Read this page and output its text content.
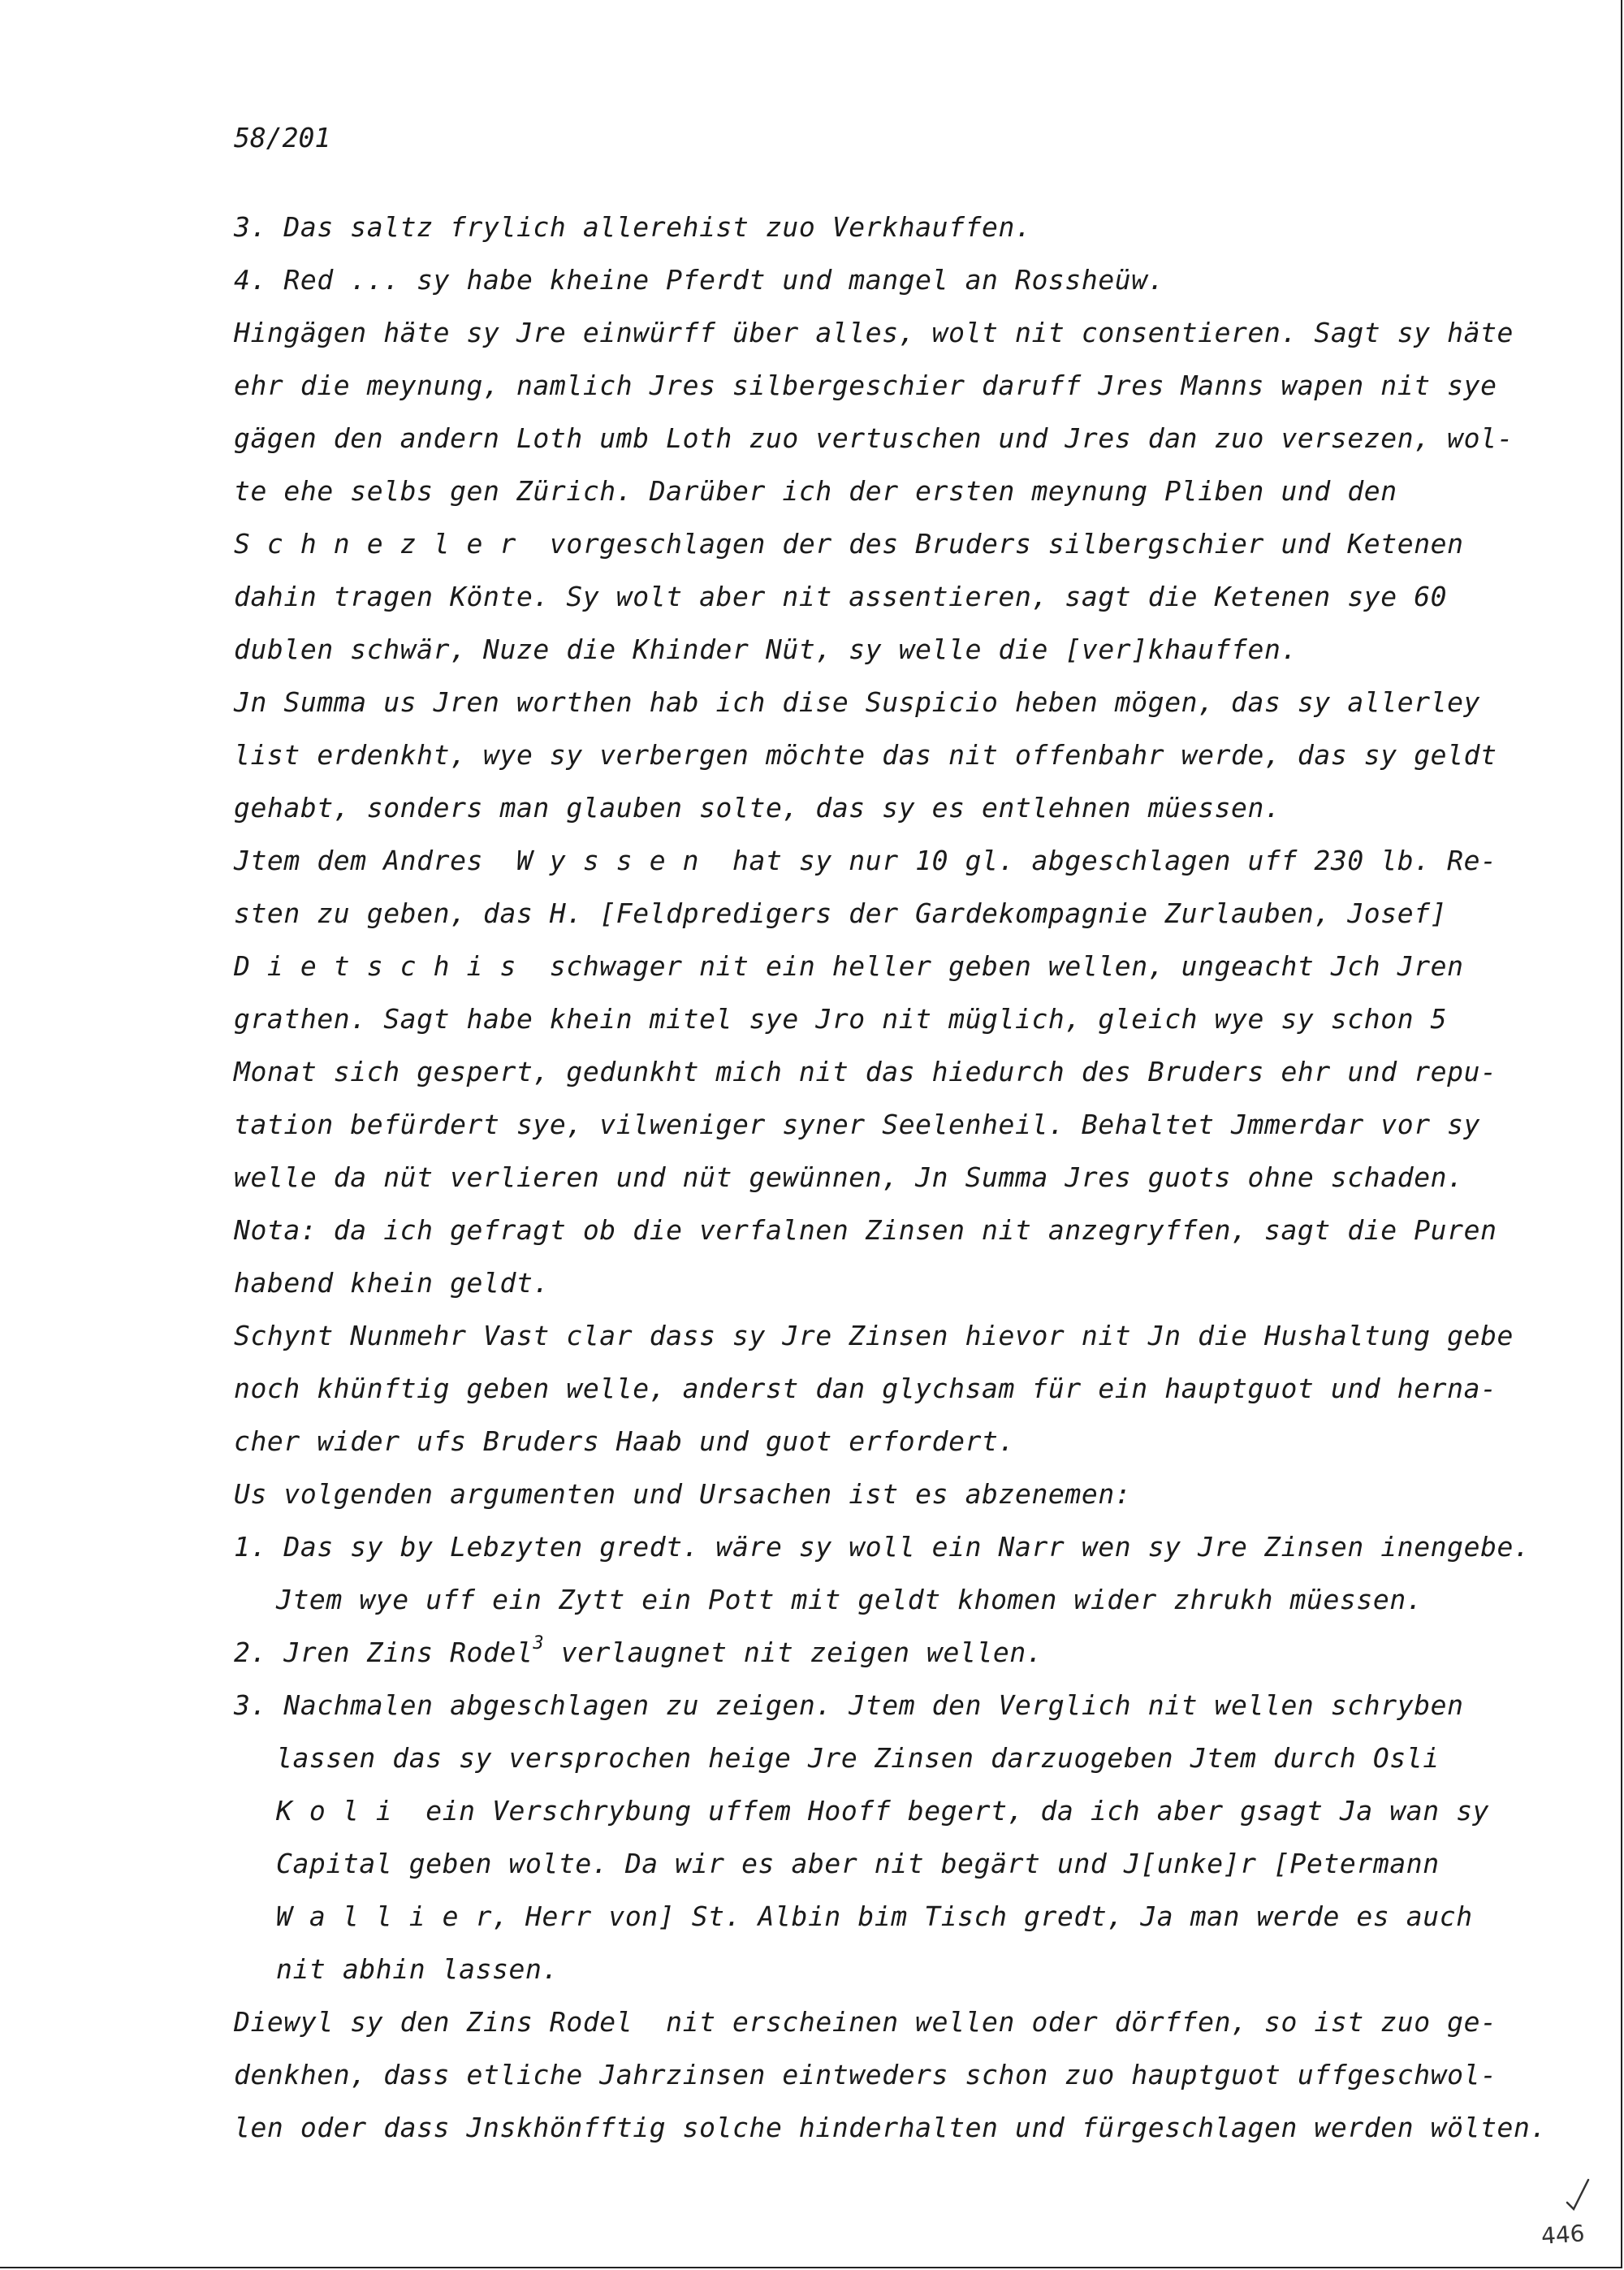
58/201
3. Das saltz frylich allerehist zuo Verkhauffen.
4. Red ... sy habe kheine Pferdt und mangel an Rossheüw.
Hingägen häte sy Jre einwürff über alles, wolt nit consentieren. Sagt sy häte
ehr die meynung, namlich Jres silbergeschier daruff Jres Manns wapen nit sye
gägen den andern Loth umb Loth zuo vertuschen und Jres dan zuo versezen, wol-
te ehe selbs gen Zürich. Darüber ich der ersten meynung Pliben und den
S c h n e z l e r  vorgeschlagen der des Bruders silbergschier und Ketenen
dahin tragen Könte. Sy wolt aber nit assentieren, sagt die Ketenen sye 60
dublen schwär, Nuze die Khinder Nüt, sy welle die [ver]khauffen.
Jn Summa us Jren worthen hab ich dise Suspicio heben mögen, das sy allerley
list erdenkht, wye sy verbergen möchte das nit offenbahr werde, das sy geldt
gehabt, sonders man glauben solte, das sy es entlehnen müessen.
Jtem dem Andres  W y s s e n  hat sy nur 10 gl. abgeschlagen uff 230 lb. Re-
sten zu geben, das H. [Feldpredigers der Gardekompagnie Zurlauben, Josef]
D i e t s c h i s  schwager nit ein heller geben wellen, ungeacht Jch Jren
grathen. Sagt habe khein mitel sye Jro nit müglich, gleich wye sy schon 5
Monat sich gespert, gedunkht mich nit das hiedurch des Bruders ehr und repu-
tation befürdert sye, vilweniger syner Seelenheil. Behaltet Jmmerdar vor sy
welle da nüt verlieren und nüt gewünnen, Jn Summa Jres guots ohne schaden.
Nota: da ich gefragt ob die verfalnen Zinsen nit anzegryffen, sagt die Puren
habend khein geldt.
Schynt Nunmehr Vast clar dass sy Jre Zinsen hievor nit Jn die Hushaltung gebe
noch khünftig geben welle, anderst dan glychsam für ein hauptguot und herna-
cher wider ufs Bruders Haab und guot erfordert.
Us volgenden argumenten und Ursachen ist es abzenemen:
1. Das sy by Lebzyten gredt. wäre sy woll ein Narr wen sy Jre Zinsen inengebe.
Jtem wye uff ein Zytt ein Pott mit geldt khomen wider zhrukh müessen.
2. Jren Zins Rodel$^3$ verlaugnet nit zeigen wellen.
3. Nachmalen abgeschlagen zu zeigen. Jtem den Verglich nit wellen schryben
lassen das sy versprochen heige Jre Zinsen darzuogeben Jtem durch Osli
K o l i  ein Verschrybung uffem Hooff begert, da ich aber gsagt Ja wan sy
Capital geben wolte. Da wir es aber nit begärt und J[unke]r [Petermann
W a l l i e r, Herr von] St. Albin bim Tisch gredt, Ja man werde es auch
nit abhin lassen.
Diewyl sy den Zins Rodel  nit erscheinen wellen oder dörffen, so ist zuo ge-
denkhen, dass etliche Jahrzinsen eintweders schon zuo hauptguot uffgeschwol-
len oder dass Jnskhönfftig solche hinderhalten und fürgeschlagen werden wölten.
446
